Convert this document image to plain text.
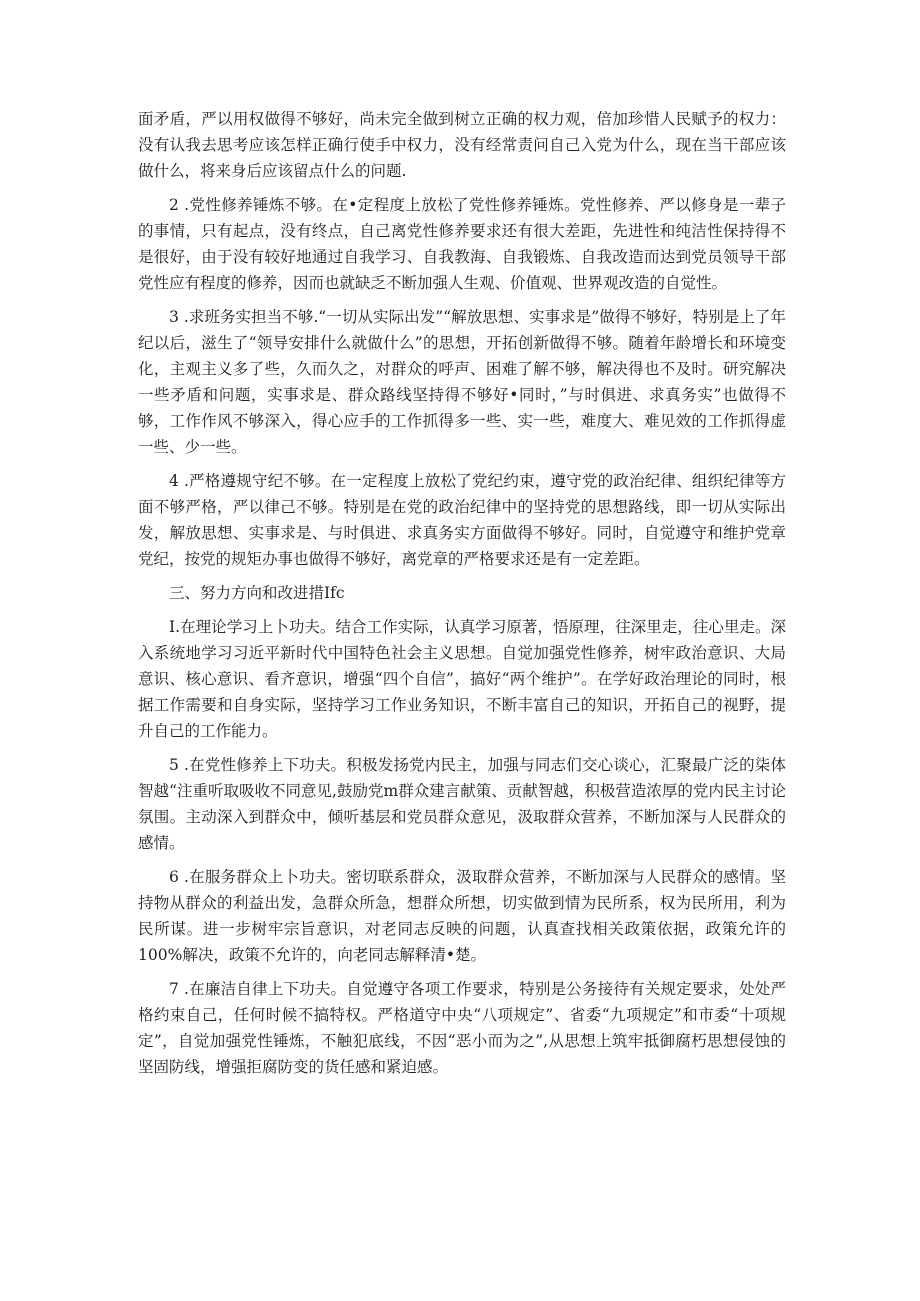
面矛盾，严以用权做得不够好，尚未完全做到树立正确的权力观，倍加珍惜人民赋予的权力：没有认我去思考应该怎样正确行使手中权力，没有经常责问自己入党为什么，现在当干部应该做什么，将来身后应该留点什么的问题.

2 .党性修养锤炼不够。在•定程度上放松了党性修养锤炼。党性修养、严以修身是一辈子的事情，只有起点，没有终点，自己离党性修养要求还有很大差距，先进性和纯洁性保持得不是很好，由于没有较好地通过自我学习、自我教海、自我锻炼、自我改造而达到党员领导干部党性应有程度的修养，因而也就缺乏不断加强人生观、价值观、世界观改造的自觉性。

3 .求班务实担当不够.“一切从实际出发”“解放思想、实事求是”做得不够好，特别是上了年纪以后，滋生了“领导安排什么就做什么”的思想，开拓创新做得不够。随着年龄增长和环境变化，主观主义多了些，久而久之，对群众的呼声、困难了解不够，解决得也不及时。研究解决一些矛盾和问题，实事求是、群众路线坚持得不够好•同时，”与时俱进、求真务实”也做得不够，工作作风不够深入，得心应手的工作抓得多一些、实一些，难度大、难见效的工作抓得虚一些、少一些。

4 .严格遵规守纪不够。在一定程度上放松了党纪约束，遵守党的政治纪律、组织纪律等方面不够严格，严以律己不够。特别是在党的政治纪律中的坚持党的思想路线，即一切从实际出发，解放思想、实事求是、与时俱进、求真务实方面做得不够好。同时，自觉遵守和维护党章党纪，按党的规矩办事也做得不够好，离党章的严格要求还是有一定差距。

三、努力方向和改进措Ifc

I.在理论学习上卜功夫。结合工作实际，认真学习原著，悟原理，往深里走，往心里走。深入系统地学习习近平新时代中国特色社会主义思想。自觉加强党性修养，树牢政治意识、大局意识、核心意识、看齐意识，增强“四个自信”，搞好“两个维护”。在学好政治理论的同时，根据工作需要和自身实际，坚持学习工作业务知识，不断丰富自己的知识，开拓自己的视野，提升自己的工作能力。

5 .在党性修养上下功夫。积极发扬党内民主，加强与同志们交心谈心，汇聚最广泛的柒体智越“注重听取吸收不同意见,鼓励党m群众建言献策、贡献智越，积极营造浓厚的党内民主讨论氛围。主动深入到群众中，倾听基层和党员群众意见，汲取群众营养，不断加深与人民群众的感情。

6 .在服务群众上卜功夫。密切联系群众，汲取群众营养，不断加深与人民群众的感情。坚持物从群众的利益出发，急群众所急，想群众所想，切实做到情为民所系，权为民所用，利为民所谋。进一步树牢宗旨意识，对老同志反映的问题，认真查找相关政策依据，政策允许的100%解决，政策不允许的，向老同志解释清•楚。

7 .在廉洁自律上下功夫。自觉遵守各项工作要求，特别是公务接待有关规定要求，处处严格约束自己，任何时候不搞特权。严格道守中央“八项规定”、省委“九项规定”和市委“十项规定”，自觉加强党性锤炼，不触犯底线，不因“恶小而为之”,从思想上筑牢抵御腐朽思想侵蚀的坚固防线，增强拒腐防变的货任感和紧迫感。
